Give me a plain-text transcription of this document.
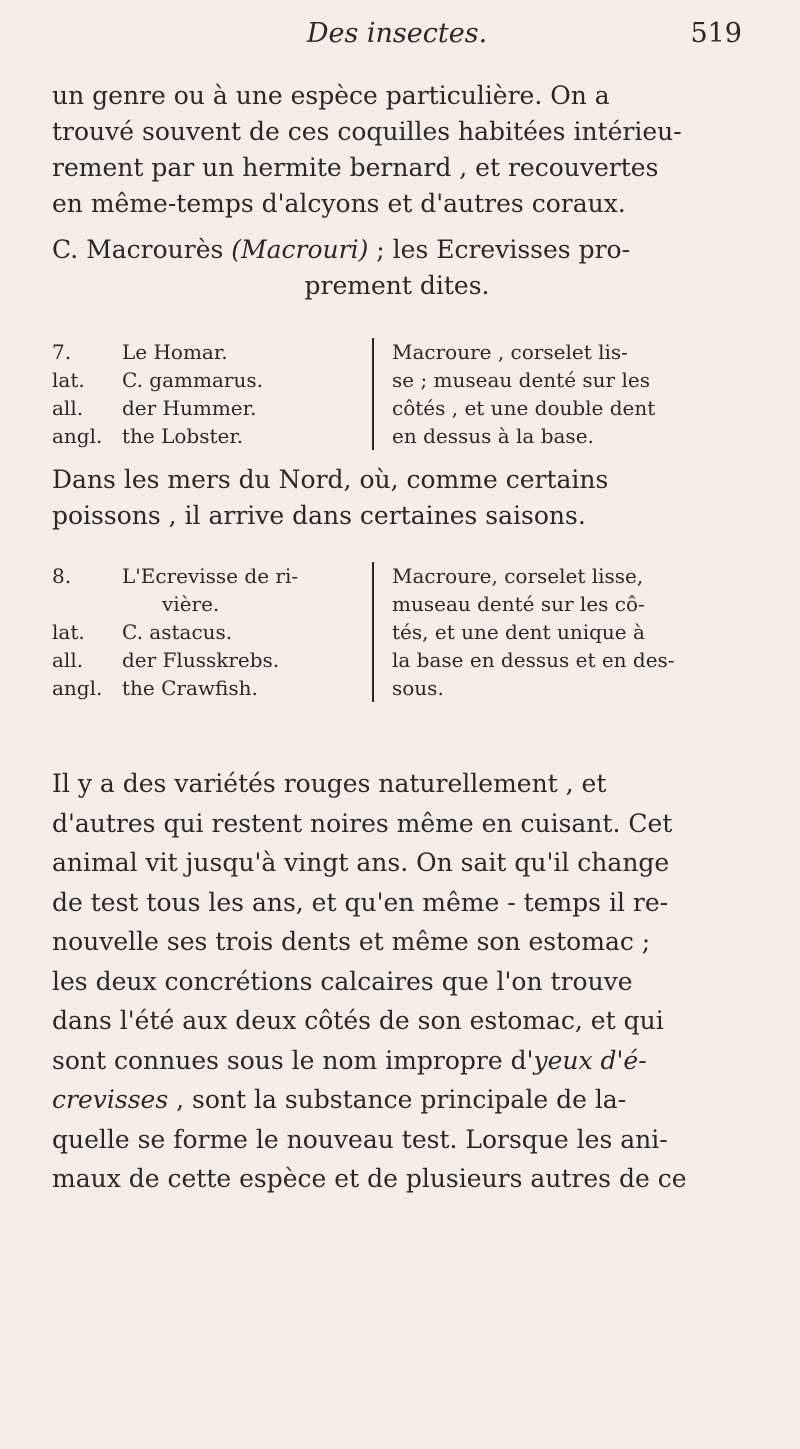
Des insectes.	519
un genre ou à une espèce particulière. On a
trouvé souvent de ces coquilles habitées intérieu-
rement par un hermite bernard , et recouvertes
en même-temps d'alcyons et d'autres coraux.
C. Macrourès (Macrouri) ; les Ecrevisses pro-
prement dites.
7.	Le Homar.
lat.	C. gammarus.
all.	der Hummer.
angl. the Lobster.
Macroure , corselet lis-
se ; museau denté sur les
côtés , et une double dent
en dessus à la base.
Dans les mers du Nord, où, comme certains
poissons , il arrive dans certaines saisons.
8.	L'Ecrevisse de ri-
vière.
lat.	C. astacus.
all.	der Flusskrebs.
angl. the Crawfish.
Macroure, corselet lisse,
museau denté sur les cô-
tés, et une dent unique à
la base en dessus et en des-
sous.
Il y a des variétés rouges naturellement , et
d'autres qui restent noires même en cuisant. Cet
animal vit jusqu'à vingt ans. On sait qu'il change
de test tous les ans, et qu'en même - temps il re-
nouvelle ses trois dents et même son estomac ;
les deux concrétions calcaires que l'on trouve
dans l'été aux deux côtés de son estomac, et qui
sont connues sous le nom impropre d'yeux d'é-
crevisses , sont la substance principale de la-
quelle se forme le nouveau test. Lorsque les ani-
maux de cette espèce et de plusieurs autres de ce
